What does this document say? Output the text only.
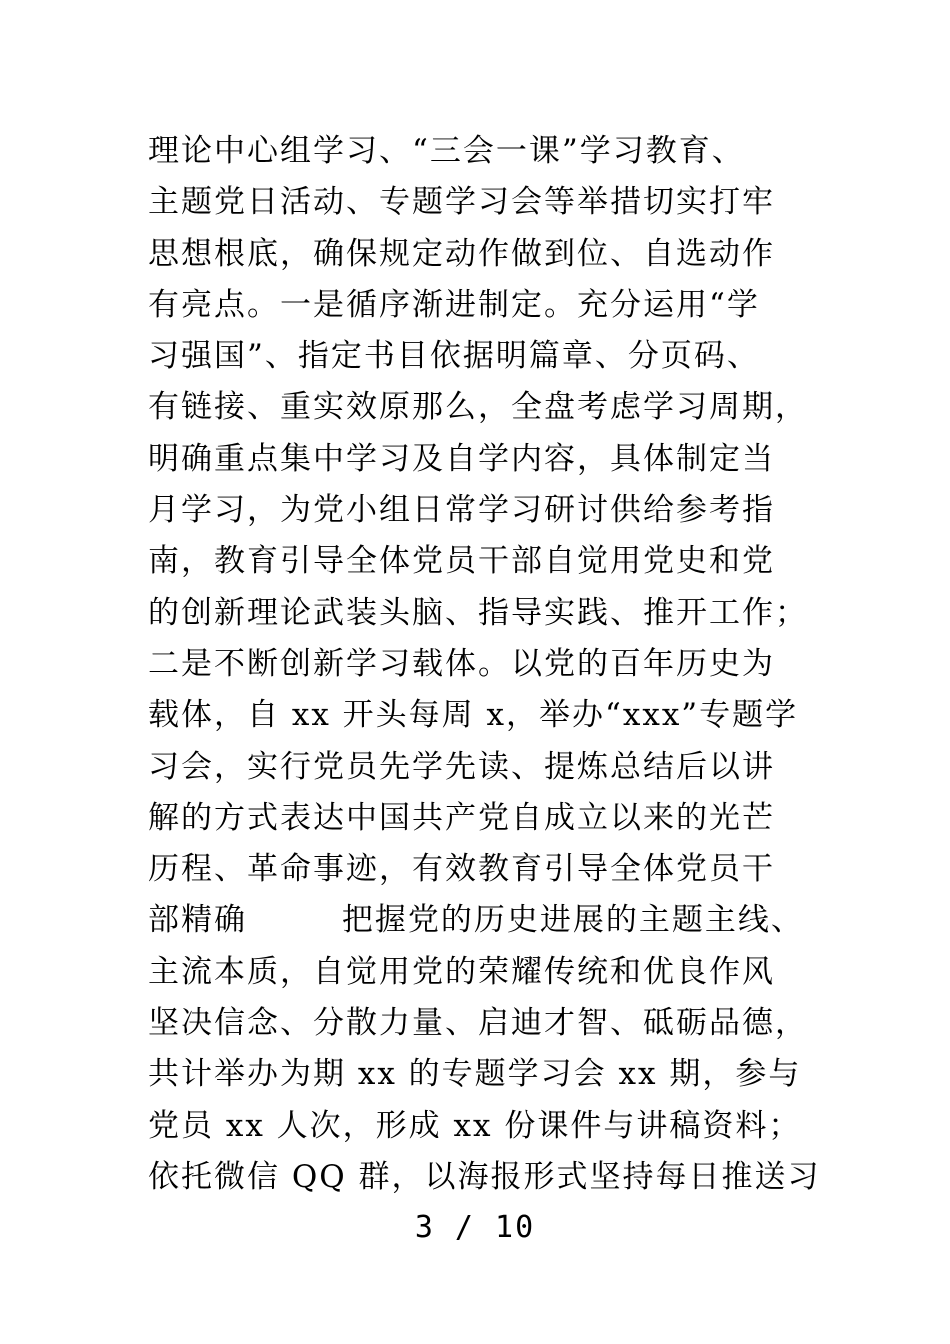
理论中心组学习、“三会一课”学习教育、
主题党日活动、专题学习会等举措切实打牢
思想根底，确保规定动作做到位、自选动作
有亮点。一是循序渐进制定。充分运用“学
习强国”、指定书目依据明篇章、分页码、
有链接、重实效原那么，全盘考虑学习周期，
明确重点集中学习及自学内容，具体制定当
月学习，为党小组日常学习研讨供给参考指
南，教育引导全体党员干部自觉用党史和党
的创新理论武装头脑、指导实践、推开工作；
二是不断创新学习载体。以党的百年历史为
载体，自 xx 开头每周 x，举办“xxx”专题学
习会，实行党员先学先读、提炼总结后以讲
解的方式表达中国共产党自成立以来的光芒
历程、革命事迹，有效教育引导全体党员干
部精确        把握党的历史进展的主题主线、
主流本质，自觉用党的荣耀传统和优良作风
坚决信念、分散力量、启迪才智、砥砺品德，
共计举办为期 xx 的专题学习会 xx 期，参与
党员 xx 人次，形成 xx 份课件与讲稿资料；
依托微信 QQ 群，以海报形式坚持每日推送习
3 / 10
